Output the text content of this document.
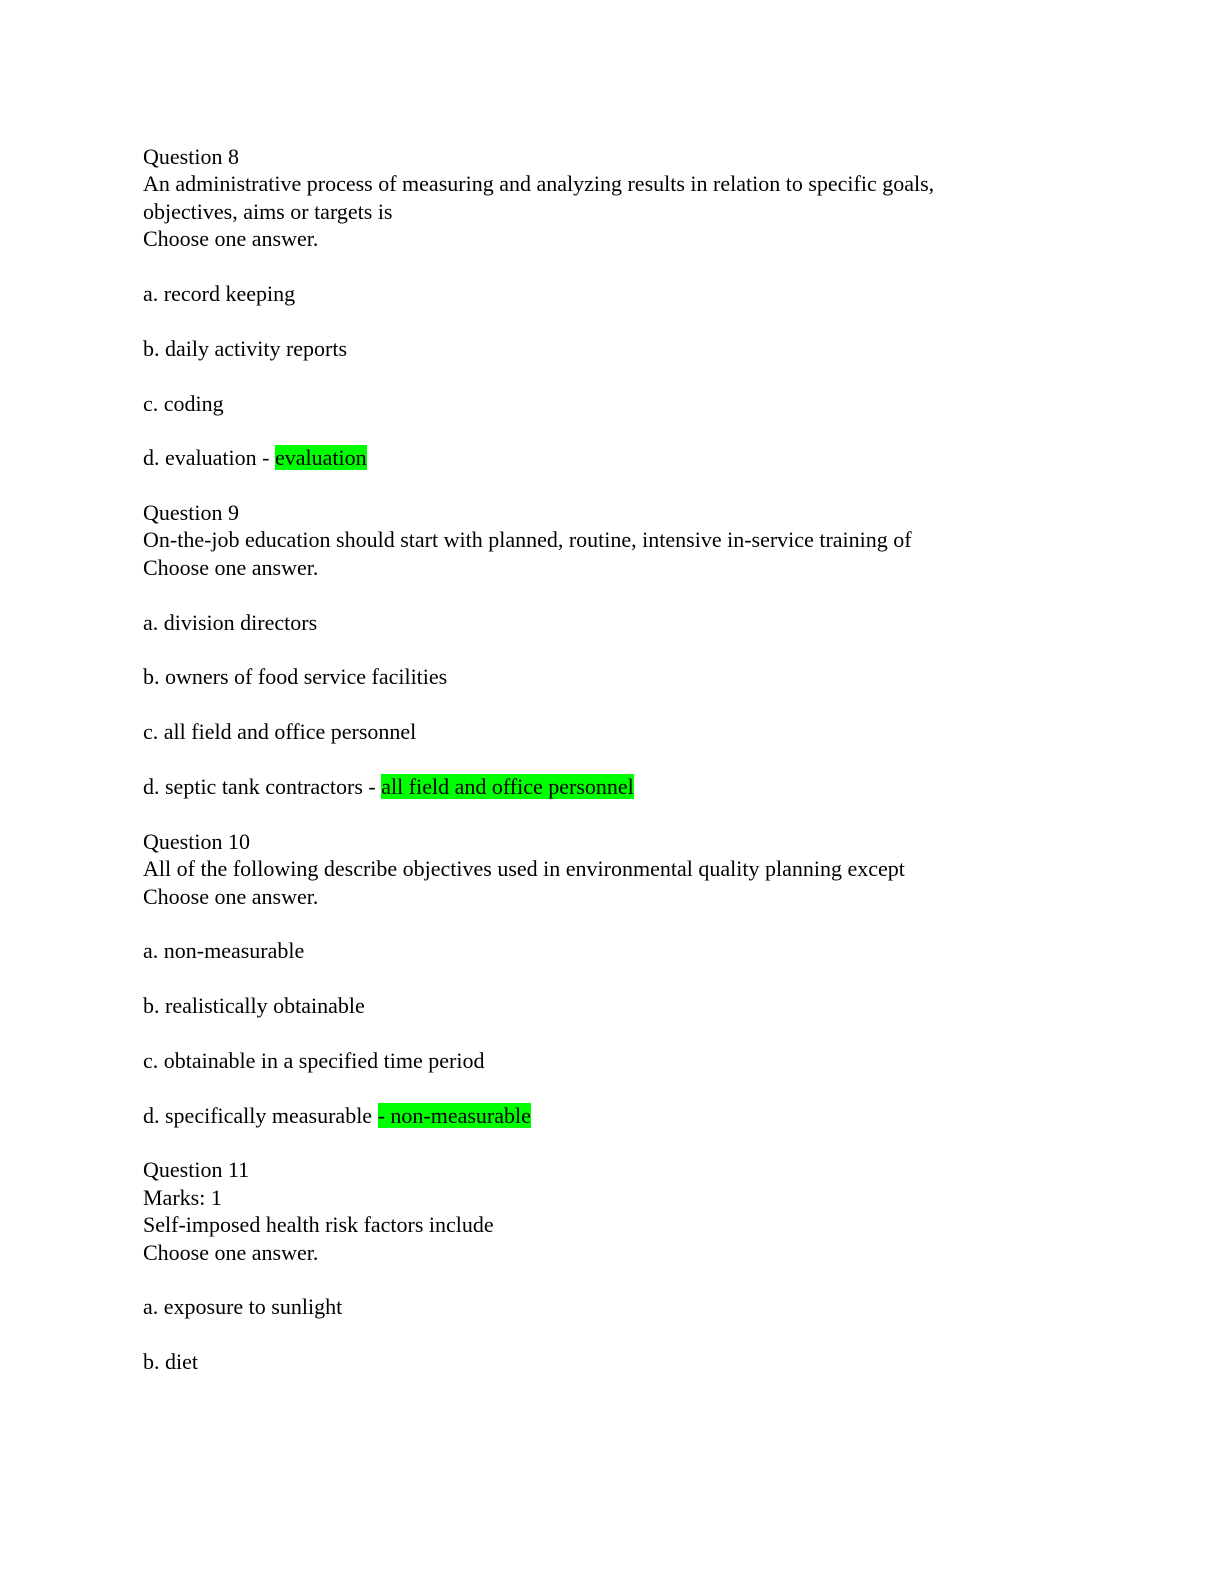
Question 8
An administrative process of measuring and analyzing results in relation to specific goals,
objectives, aims or targets is
Choose one answer.
a. record keeping
b. daily activity reports
c. coding
d. evaluation - evaluation
Question 9
On-the-job education should start with planned, routine, intensive in-service training of
Choose one answer.
a. division directors
b. owners of food service facilities
c. all field and office personnel
d. septic tank contractors - all field and office personnel
Question 10
All of the following describe objectives used in environmental quality planning except
Choose one answer.
a. non-measurable
b. realistically obtainable
c. obtainable in a specified time period
d. specifically measurable - non-measurable
Question 11
Marks: 1
Self-imposed health risk factors include
Choose one answer.
a. exposure to sunlight
b. diet
